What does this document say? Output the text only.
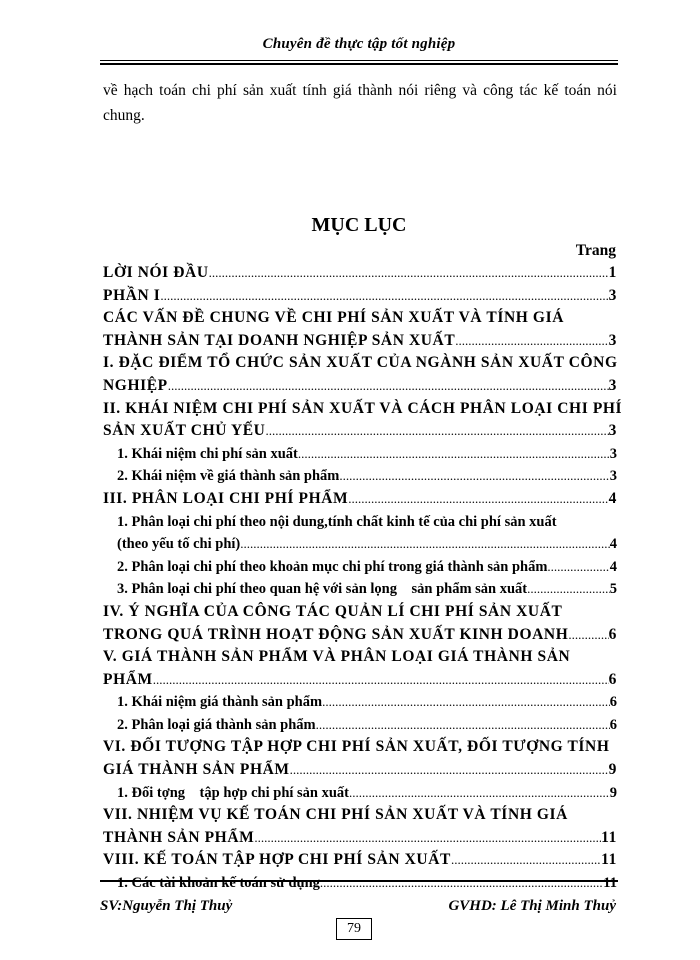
Chuyên đề thực tập tốt nghiệp
về hạch toán chi phí sản xuất tính giá thành nói riêng và công tác kế toán nói chung.
MỤC LỤC
Trang
LỜI NÓI ĐẦU .....	1
PHẦN I .....	3
CÁC VẤN ĐỀ CHUNG VỀ CHI PHÍ SẢN XUẤT VÀ TÍNH GIÁ
THÀNH SẢN TẠI DOANH NGHIỆP SẢN XUẤT .....	3
I. ĐẶC ĐIỂM TỔ CHỨC SẢN XUẤT CỦA NGÀNH SẢN XUẤT CÔNG
NGHIỆP .....	3
II. KHÁI NIỆM CHI PHÍ SẢN XUẤT VÀ CÁCH PHÂN LOẠI CHI PHÍ
SẢN XUẤT CHỦ YẾU .....	3
1. Khái niệm chi phí sản xuất .....	3
2. Khái niệm về giá thành sản phẩm .....	3
III. PHÂN LOẠI CHI PHÍ PHẨM .....	4
1. Phân loại chi phí theo nội dung,tính chất kinh tế của chi phí sản xuất
(theo yếu tố chi phí) .....	4
2. Phân loại chi phí theo khoản mục chi phí trong giá thành sản phẩm .....	4
3. Phân loại chi phí theo quan hệ với sản lọng    sản phẩm sản xuất .....	5
IV. Ý NGHĨA CỦA CÔNG TÁC QUẢN LÍ CHI PHÍ SẢN XUẤT
TRONG QUÁ TRÌNH HOẠT ĐỘNG SẢN XUẤT KINH DOANH .....	6
V. GIÁ THÀNH SẢN PHẨM VÀ PHÂN LOẠI GIÁ THÀNH SẢN
PHẨM .....	6
1. Khái niệm giá thành sản phẩm .....	6
2. Phân loại giá thành sản phẩm .....	6
VI. ĐỐI TƯỢNG TẬP HỢP CHI PHÍ SẢN XUẤT, ĐỐI TƯỢNG TÍNH
GIÁ THÀNH SẢN PHẨM .....	9
1. Đối tợng    tập hợp chi phí sản xuất .....	9
VII. NHIỆM VỤ KẾ TOÁN CHI PHÍ SẢN XUẤT VÀ TÍNH GIÁ
THÀNH SẢN PHẨM .....	11
VIII. KẾ TOÁN TẬP HỢP CHI PHÍ SẢN XUẤT .....	11
1. Các tài khoản kế toán sử dụng .....	11
SV:Nguyễn Thị Thuỷ	GVHD: Lê Thị Minh Thuỷ
79
